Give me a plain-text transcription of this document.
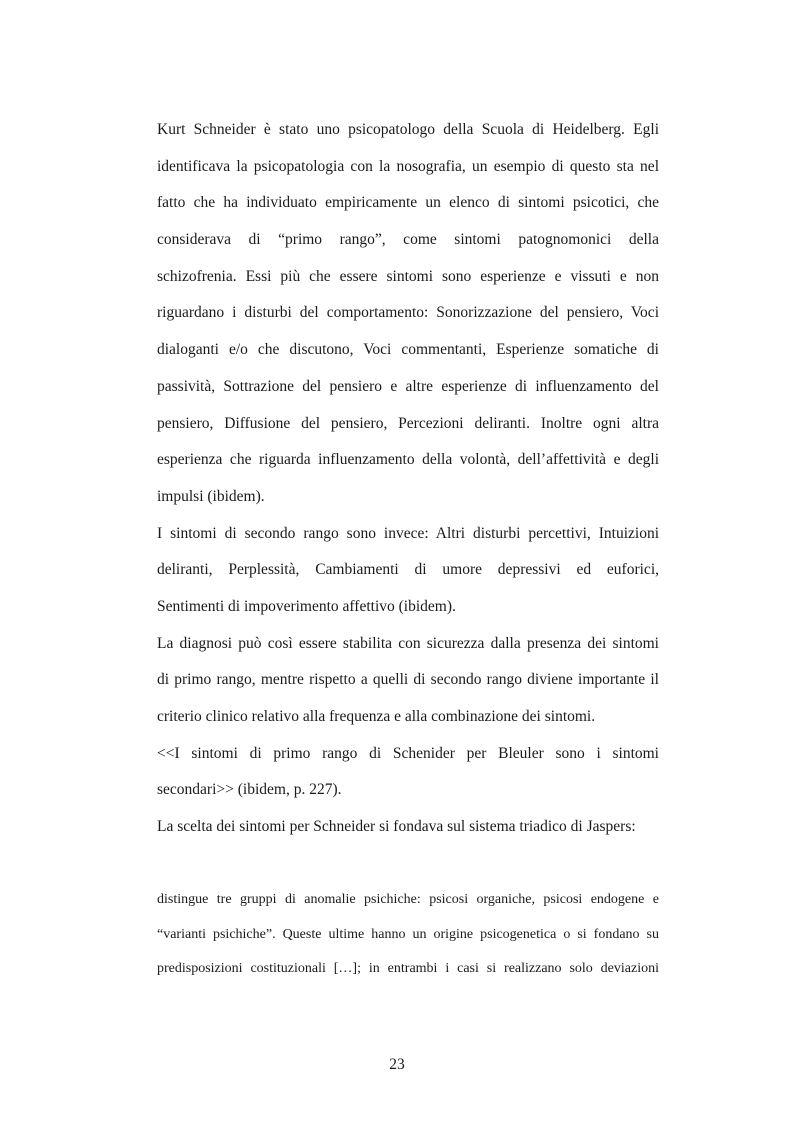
Kurt Schneider è stato uno psicopatologo della Scuola di Heidelberg. Egli
identificava la psicopatologia con la nosografia, un esempio di questo sta nel
fatto che ha individuato empiricamente un elenco di sintomi psicotici, che
considerava di “primo rango”, come sintomi patognomonici della
schizofrenia. Essi più che essere sintomi sono esperienze e vissuti e non
riguardano i disturbi del comportamento: Sonorizzazione del pensiero, Voci
dialoganti e/o che discutono, Voci commentanti, Esperienze somatiche di
passività, Sottrazione del pensiero e altre esperienze di influenzamento del
pensiero, Diffusione del pensiero, Percezioni deliranti. Inoltre ogni altra
esperienza che riguarda influenzamento della volontà, dell’affettività e degli
impulsi (ibidem).
I sintomi di secondo rango sono invece: Altri disturbi percettivi, Intuizioni
deliranti, Perplessità, Cambiamenti di umore depressivi ed euforici,
Sentimenti di impoverimento affettivo (ibidem).
La diagnosi può così essere stabilita con sicurezza dalla presenza dei sintomi
di primo rango, mentre rispetto a quelli di secondo rango diviene importante il
criterio clinico relativo alla frequenza e alla combinazione dei sintomi.
<<I sintomi di primo rango di Schenider per Bleuler sono i sintomi
secondari>> (ibidem, p. 227).
La scelta dei sintomi per Schneider si fondava sul sistema triadico di Jaspers:
distingue tre gruppi di anomalie psichiche: psicosi organiche, psicosi endogene e
“varianti psichiche”. Queste ultime hanno un origine psicogenetica o si fondano su
predisposizioni costituzionali […]; in entrambi i casi si realizzano solo deviazioni
23
